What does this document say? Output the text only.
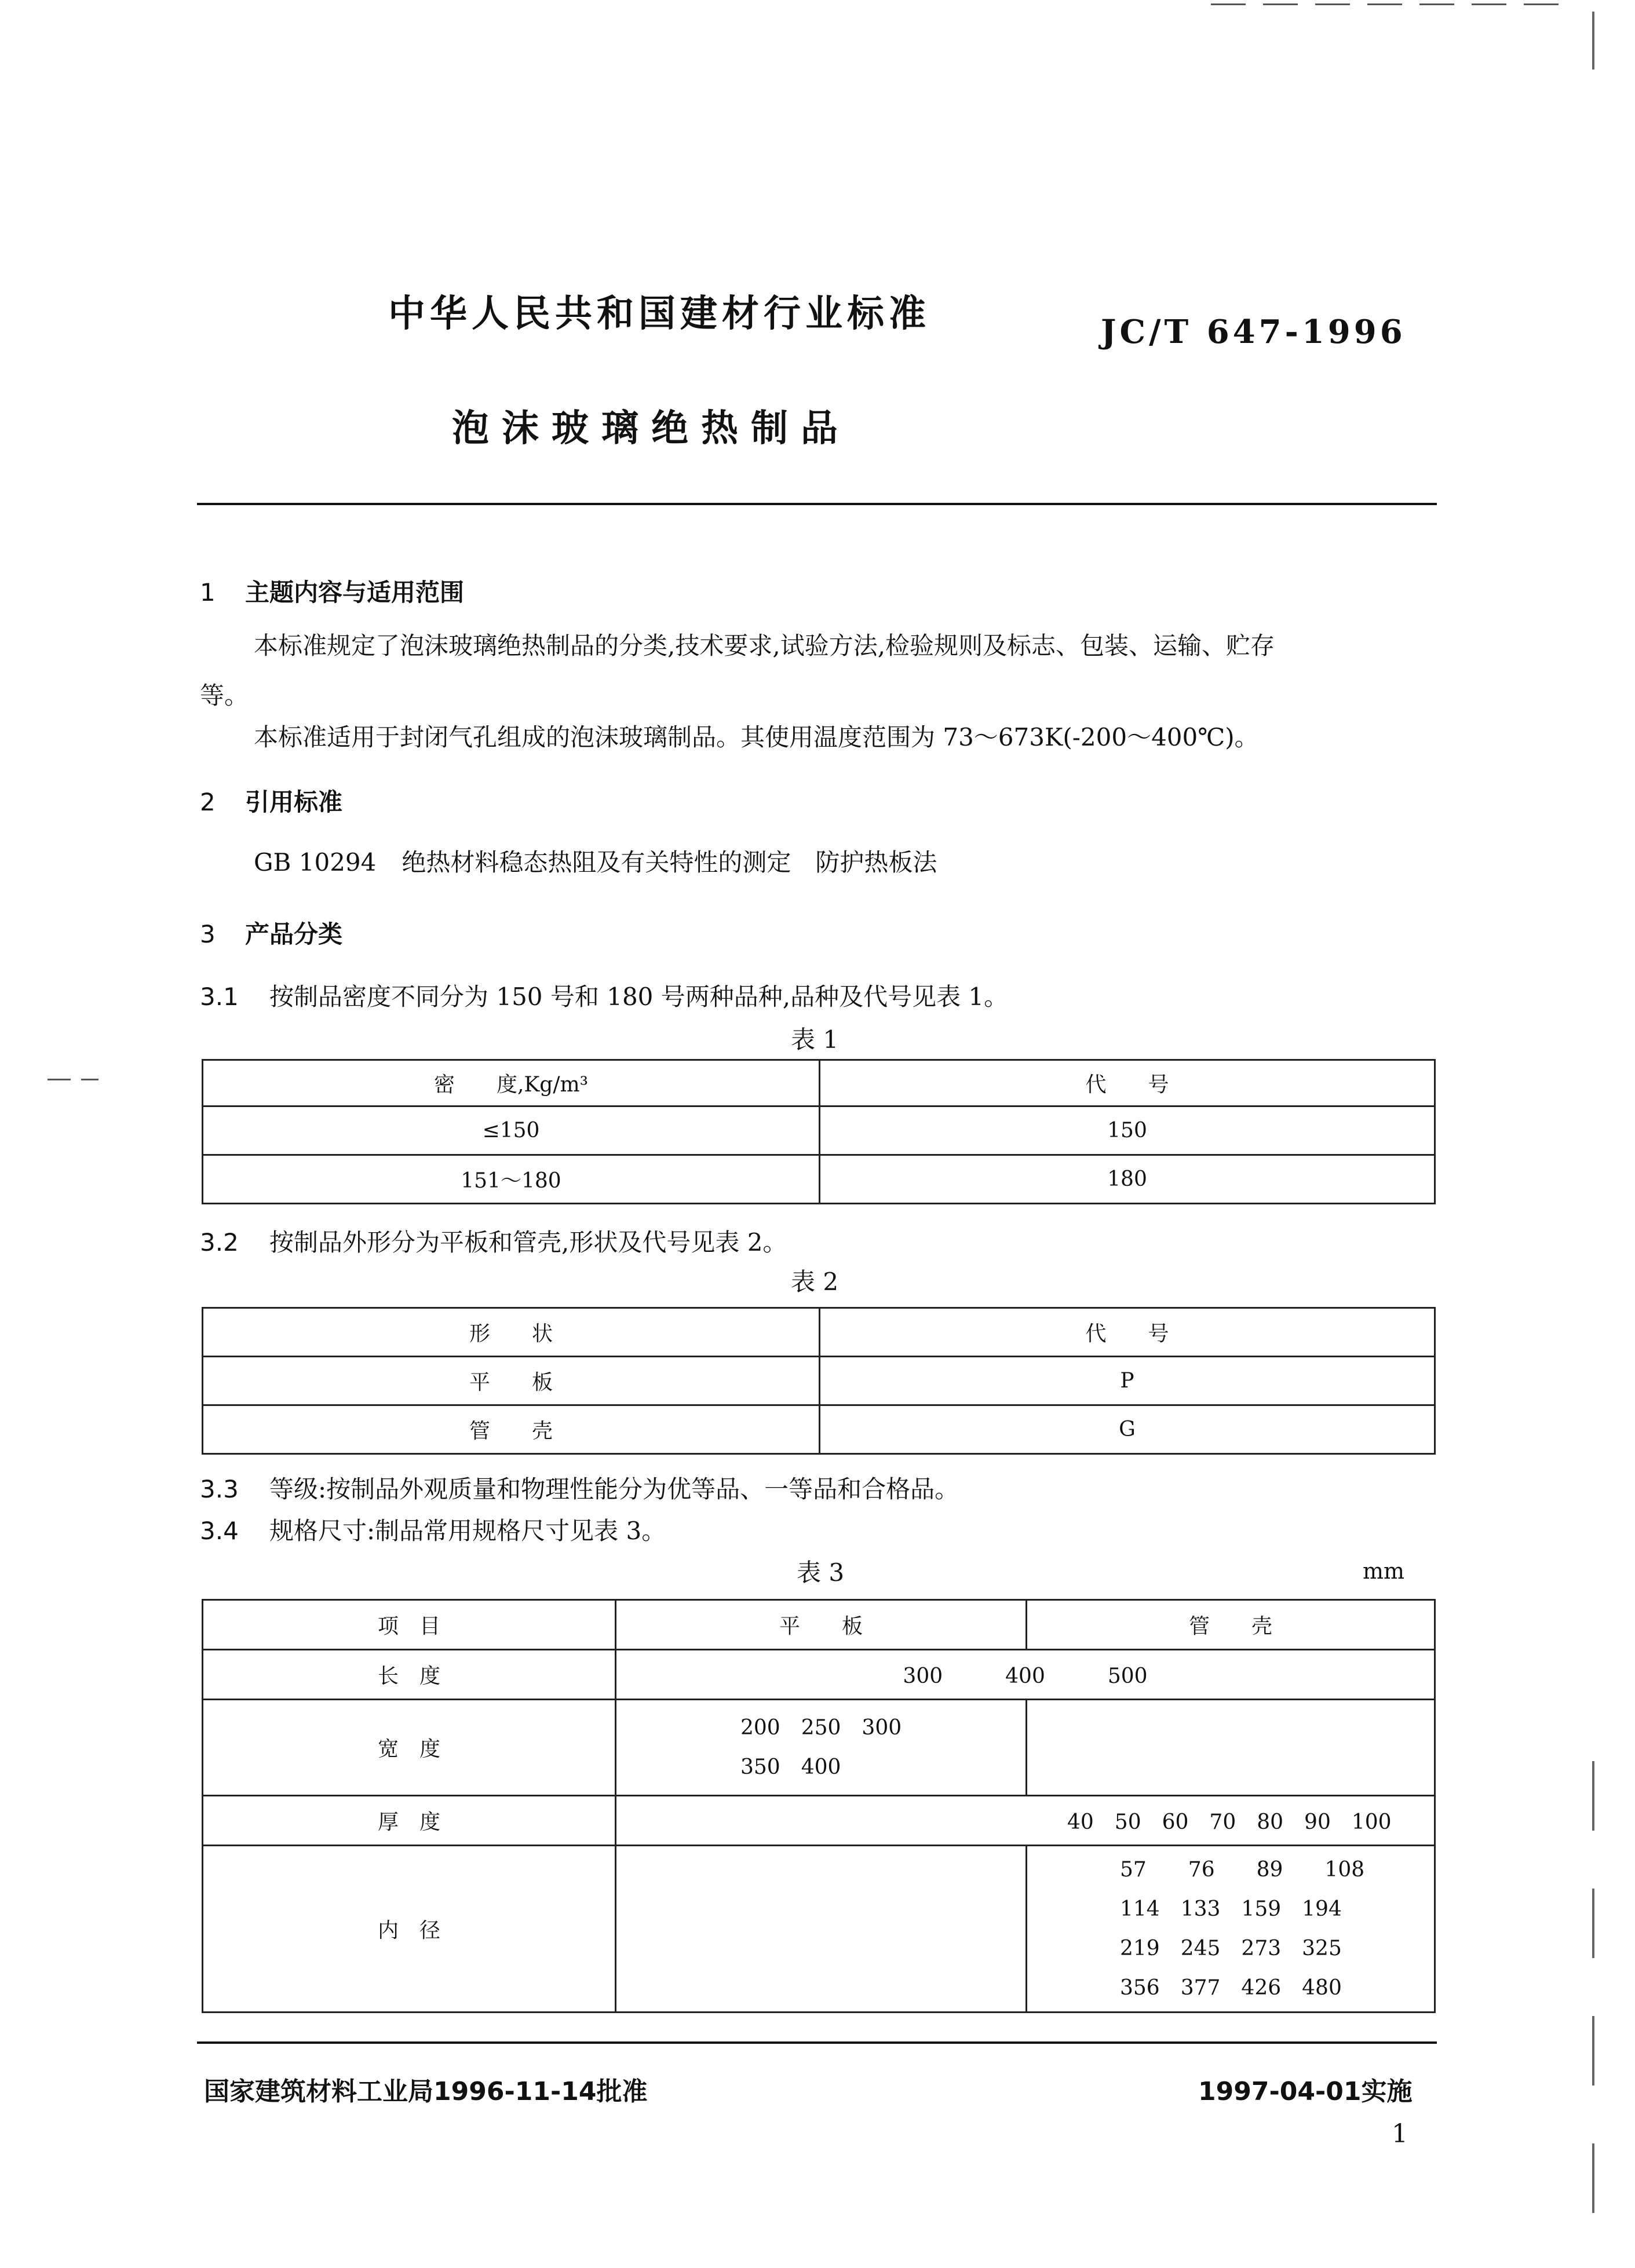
中华人民共和国建材行业标准	JC/T 647-1996
泡沫玻璃绝热制品
1 主题内容与适用范围
本标准规定了泡沫玻璃绝热制品的分类,技术要求,试验方法,检验规则及标志、包装、运输、贮存
等。
本标准适用于封闭气孔组成的泡沫玻璃制品。其使用温度范围为 73～673K(-200～400℃)。
2 引用标准
GB 10294 绝热材料稳态热阻及有关特性的测定　防护热板法
3 产品分类
3.1 按制品密度不同分为 150 号和 180 号两种品种,品种及代号见表 1。
表 1
密　　度,Kg/m³	代　　号
≤150	150
151～180	180
3.2 按制品外形分为平板和管壳,形状及代号见表 2。
表 2
形　　状	代　　号
平　　板	P
管　　壳	G
3.3 等级:按制品外观质量和物理性能分为优等品、一等品和合格品。
3.4 规格尺寸:制品常用规格尺寸见表 3。
表 3	mm
项　目	平　　板	管　　壳
长　度	300　　　400　　　500	
宽　度	200　250　300
350　400	

厚　度	40　50　60　70　80　90　100	
内　径		57　　76　　89　　108
114　133　159　194
219　245　273　325
356　377　426　480
国家建筑材料工业局1996-11-14批准	1997-04-01实施
1
